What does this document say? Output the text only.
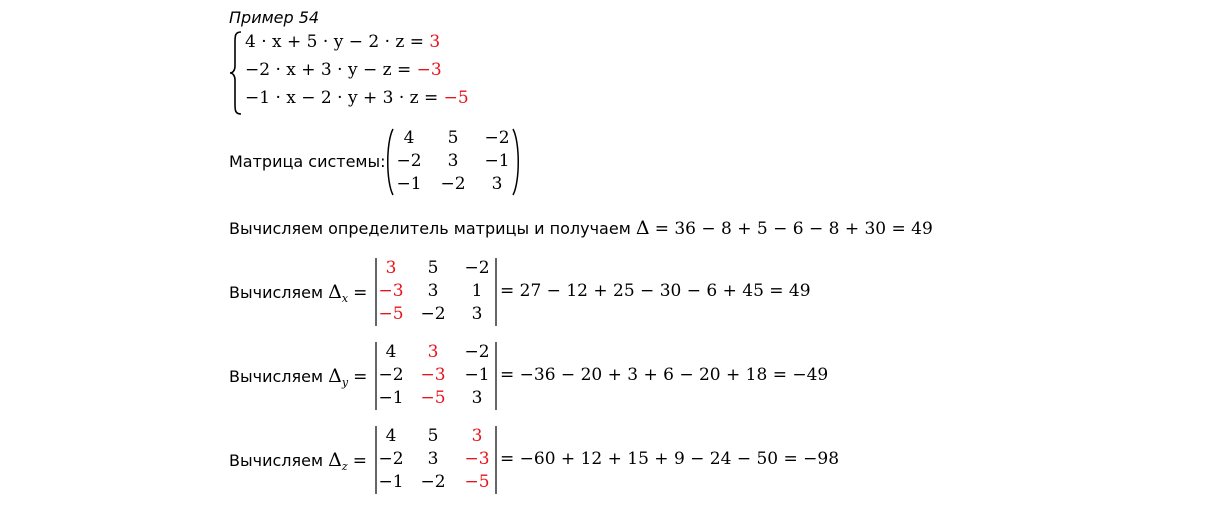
Пример 54
4 · x + 5 · y − 2 · z = 3
−2 · x + 3 · y − z = −3
−1 · x − 2 · y + 3 · z = −5
Матрица системы:
4	5	−2
−2	3	−1
−1 −2	3
Вычисляем определитель матрицы и получаем Δ = 36 − 8 + 5 − 6 − 8 + 30 = 49
Вычисляем $\Delta_x$ =
3	5	−2
−3	3	1
−5 −2	3
= 27 − 12 + 25 − 30 − 6 + 45 = 49
Вычисляем $\Delta_y$ =
4	3	−2
−2 −3 −1
−1 −5	3
= −36 − 20 + 3 + 6 − 20 + 18 = −49
Вычисляем $\Delta_z$ =
4	5	3
−2	3	−3
−1 −2 −5
= −60 + 12 + 15 + 9 − 24 − 50 = −98
